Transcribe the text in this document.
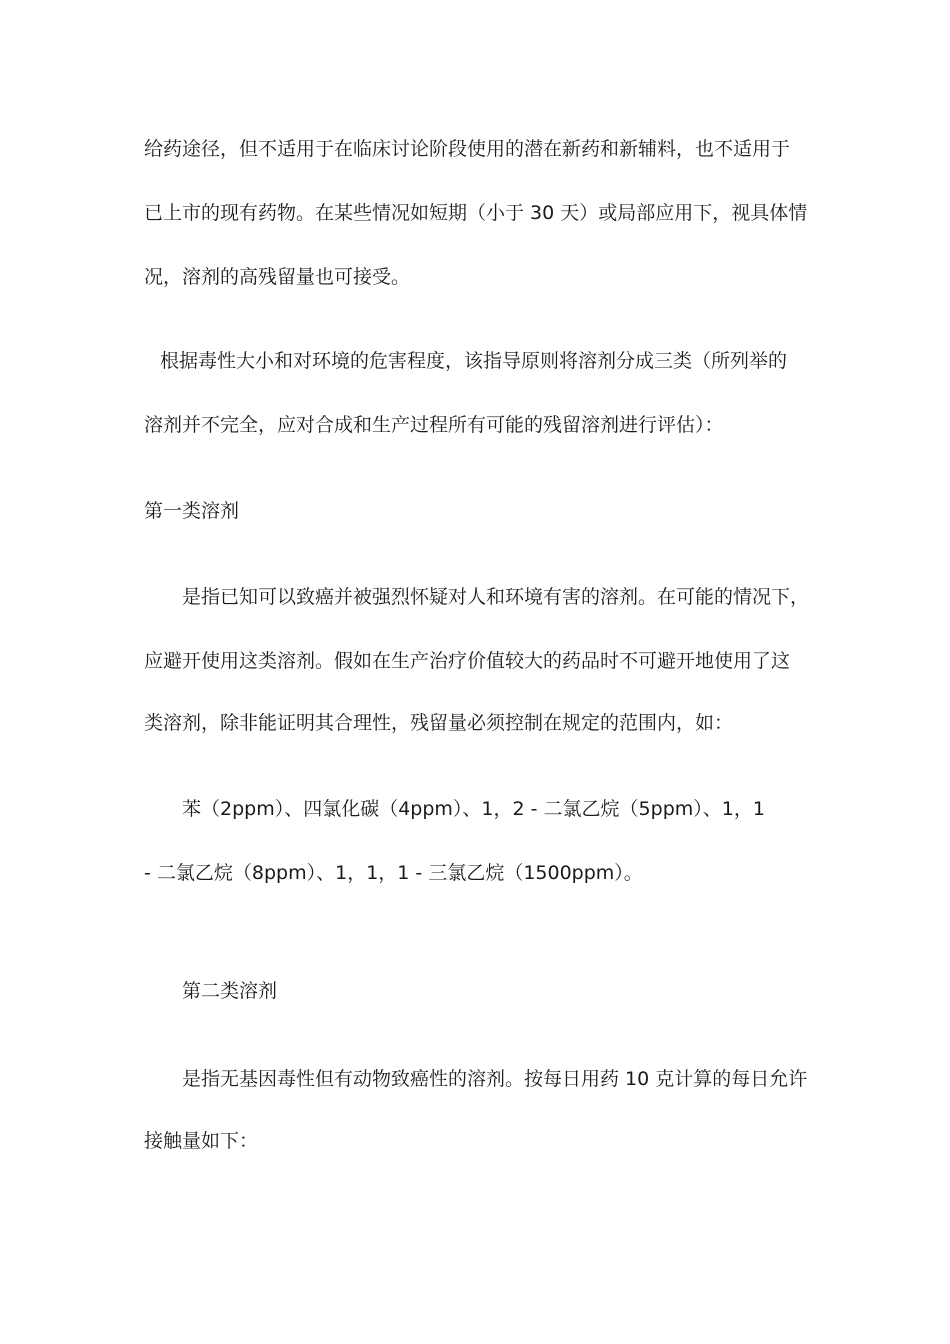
给药途径，但不适用于在临床讨论阶段使用的潜在新药和新辅料，也不适用于
已上市的现有药物。在某些情况如短期（小于 30 天）或局部应用下，视具体情
况，溶剂的高残留量也可接受。
根据毒性大小和对环境的危害程度，该指导原则将溶剂分成三类（所列举的
溶剂并不完全，应对合成和生产过程所有可能的残留溶剂进行评估）：
第一类溶剂
是指已知可以致癌并被强烈怀疑对人和环境有害的溶剂。在可能的情况下，
应避开使用这类溶剂。假如在生产治疗价值较大的药品时不可避开地使用了这
类溶剂，除非能证明其合理性，残留量必须控制在规定的范围内，如：
苯（2ppm）、四氯化碳（4ppm）、1，2 - 二氯乙烷（5ppm）、1，1
- 二氯乙烷（8ppm）、1，1，1 - 三氯乙烷（1500ppm）。
第二类溶剂
是指无基因毒性但有动物致癌性的溶剂。按每日用药 10 克计算的每日允许
接触量如下：
